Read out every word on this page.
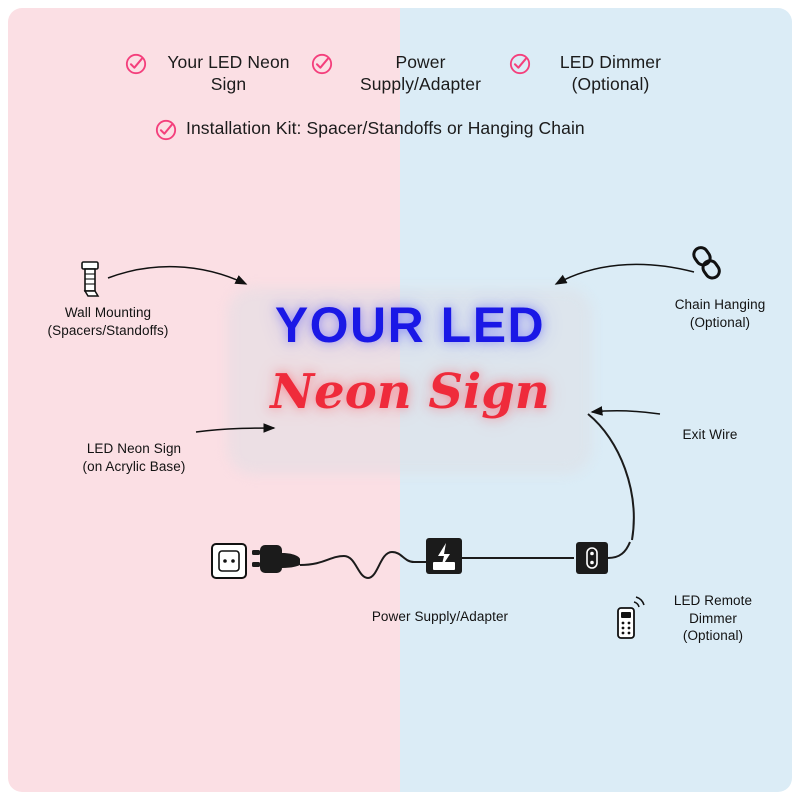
Your LED Neon Sign
Power Supply/Adapter
LED Dimmer (Optional)
Installation Kit: Spacer/Standoffs or Hanging Chain
YOUR LED
Neon Sign
Wall Mounting
(Spacers/Standoffs)
Chain Hanging
(Optional)
LED Neon Sign
(on Acrylic Base)
Exit Wire
Power Supply/Adapter
LED Remote
Dimmer
(Optional)
